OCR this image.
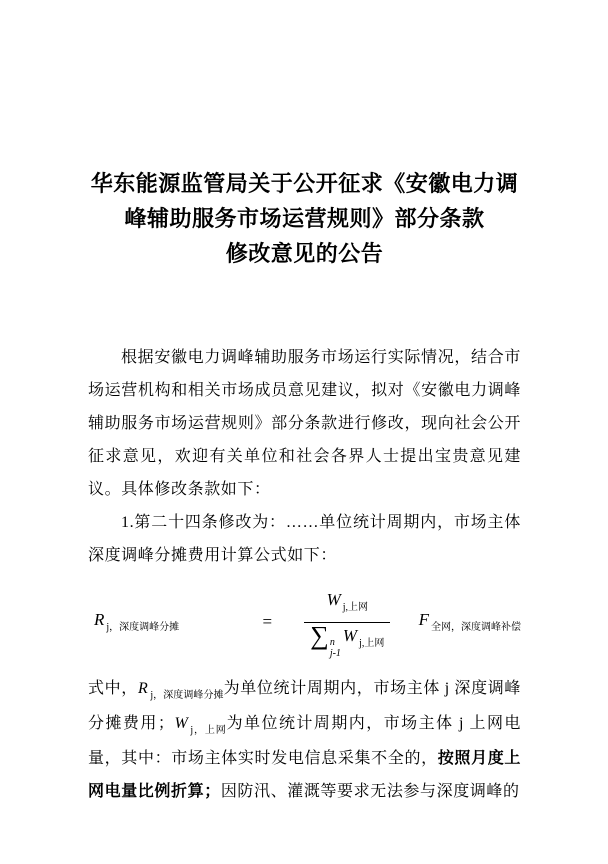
华东能源监管局关于公开征求《安徽电力调
峰辅助服务市场运营规则》部分条款
修改意见的公告

根据安徽电力调峰辅助服务市场运行实际情况，结合市场运营机构和相关市场成员意见建议，拟对《安徽电力调峰辅助服务市场运营规则》部分条款进行修改，现向社会公开征求意见，欢迎有关单位和社会各界人士提出宝贵意见建议。具体修改条款如下：

1.第二十四条修改为：……单位统计周期内，市场主体深度调峰分摊费用计算公式如下：

R $_{j,深度调峰分摊}$	= W $_{j,上网}$ ∑ n
j-1
W $_{j,上网}$ F $_{全网,深度调峰补偿}$

式中，R $_{j,深度调峰分摊}$为单位统计周期内，市场主体 j 深度调峰分摊费用；W $_{j,上网}$为单位统计周期内，市场主体 j 上网电量，其中：市场主体实时发电信息采集不全的，按照月度上网电量比例折算；因防汛、灌溉等要求无法参与深度调峰的
